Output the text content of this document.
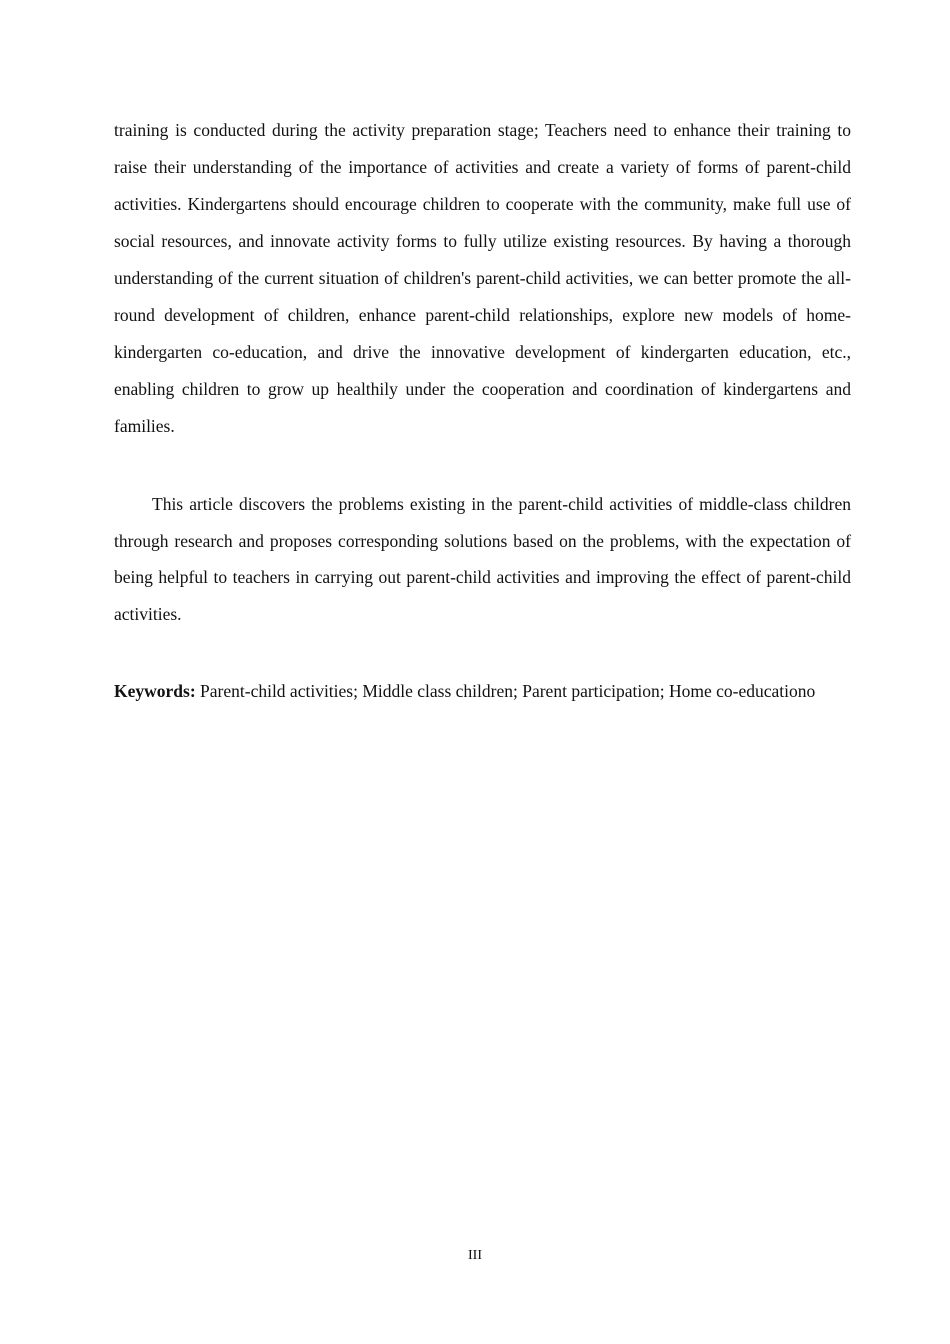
training is conducted during the activity preparation stage; Teachers need to enhance their training to raise their understanding of the importance of activities and create a variety of forms of parent-child activities. Kindergartens should encourage children to cooperate with the community, make full use of social resources, and innovate activity forms to fully utilize existing resources. By having a thorough understanding of the current situation of children's parent-child activities, we can better promote the all-round development of children, enhance parent-child relationships, explore new models of home-kindergarten co-education, and drive the innovative development of kindergarten education, etc., enabling children to grow up healthily under the cooperation and coordination of kindergartens and families.

This article discovers the problems existing in the parent-child activities of middle-class children through research and proposes corresponding solutions based on the problems, with the expectation of being helpful to teachers in carrying out parent-child activities and improving the effect of parent-child activities.

Keywords: Parent-child activities; Middle class children; Parent participation; Home co-educationo

III
